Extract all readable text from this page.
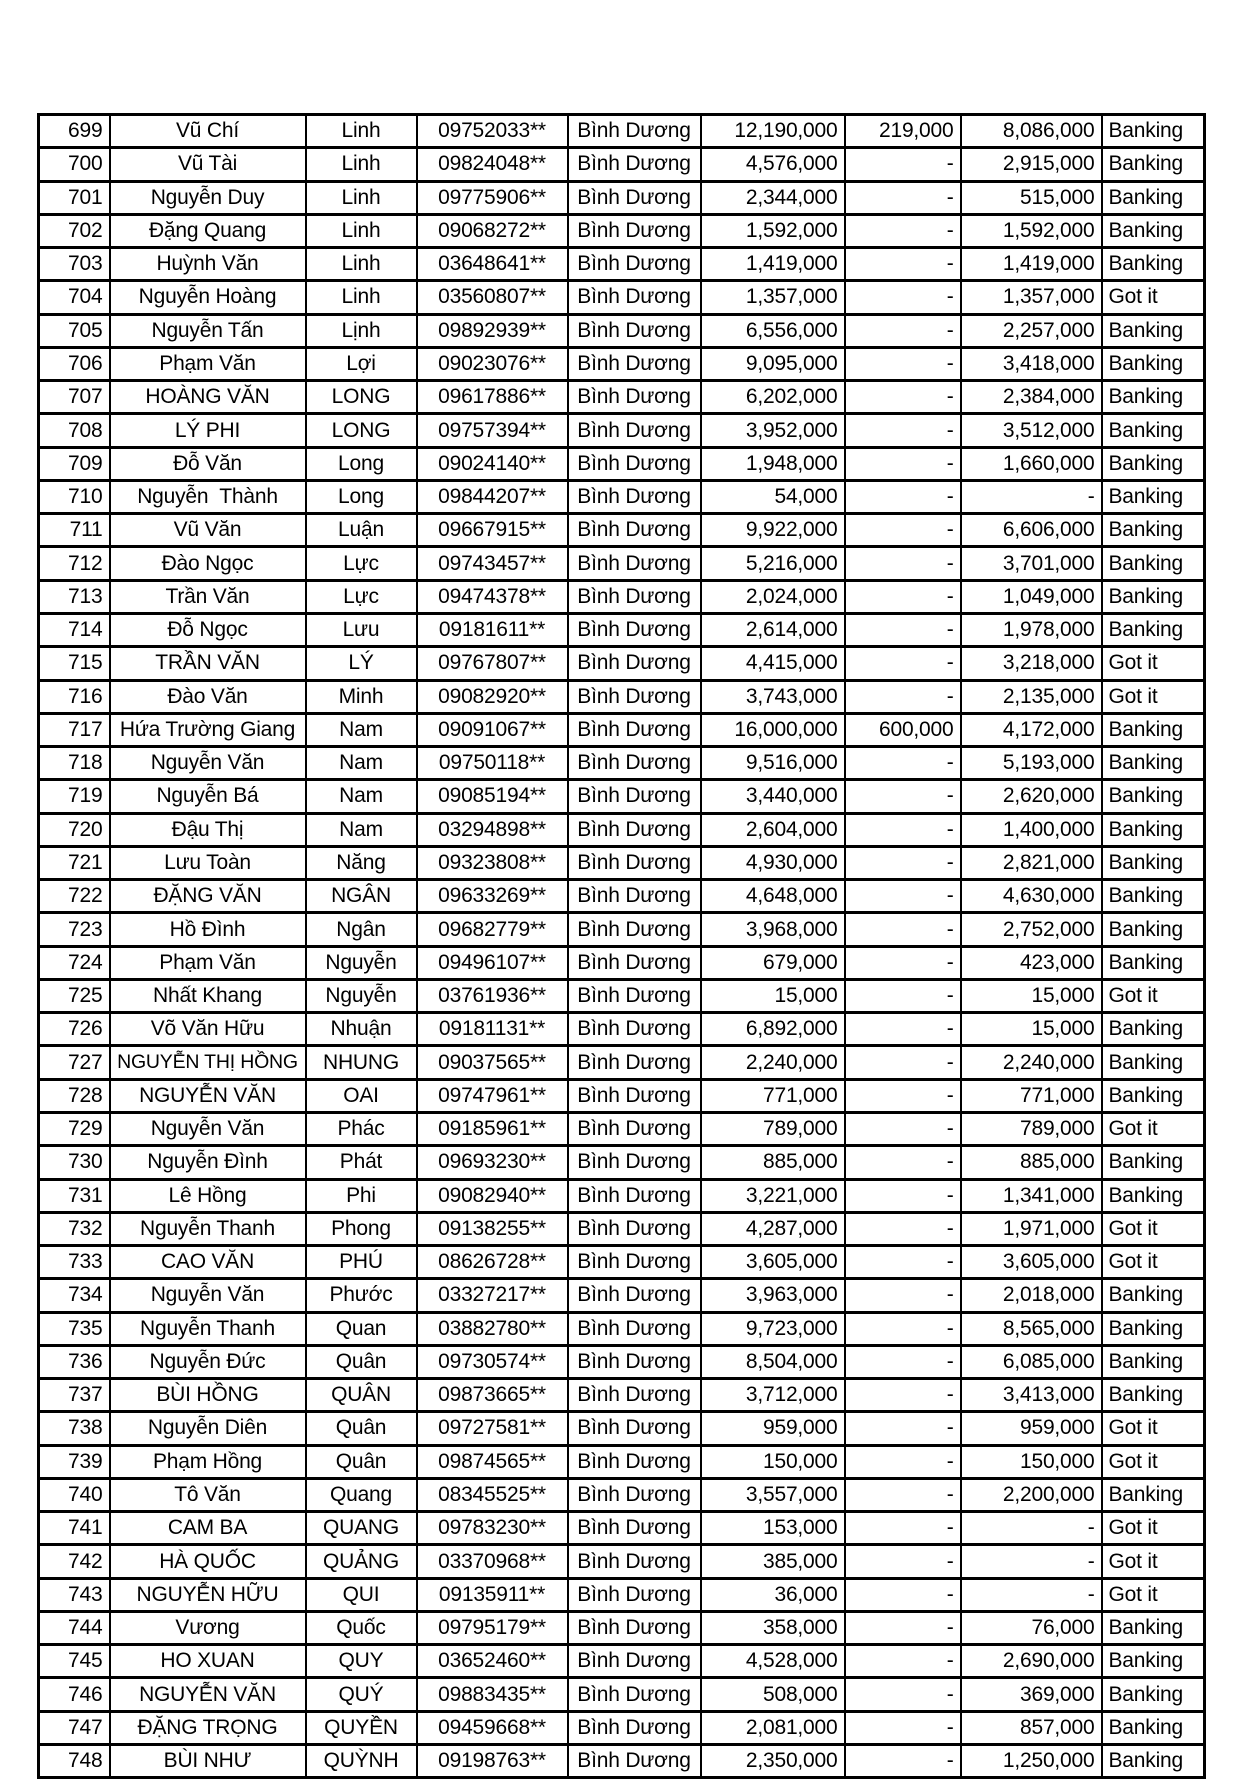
699	Vũ Chí	Linh	09752033**	Bình Dương	12,190,000	219,000	8,086,000	Banking
700	Vũ Tài	Linh	09824048**	Bình Dương	4,576,000	-	2,915,000	Banking
701	Nguyễn Duy	Linh	09775906**	Bình Dương	2,344,000	-	515,000	Banking
702	Đặng Quang	Linh	09068272**	Bình Dương	1,592,000	-	1,592,000	Banking
703	Huỳnh Văn	Linh	03648641**	Bình Dương	1,419,000	-	1,419,000	Banking
704	Nguyễn Hoàng	Linh	03560807**	Bình Dương	1,357,000	-	1,357,000	Got it
705	Nguyễn Tấn	Lịnh	09892939**	Bình Dương	6,556,000	-	2,257,000	Banking
706	Phạm Văn	Lợi	09023076**	Bình Dương	9,095,000	-	3,418,000	Banking
707	HOÀNG VĂN	LONG	09617886**	Bình Dương	6,202,000	-	2,384,000	Banking
708	LÝ PHI	LONG	09757394**	Bình Dương	3,952,000	-	3,512,000	Banking
709	Đỗ Văn	Long	09024140**	Bình Dương	1,948,000	-	1,660,000	Banking
710	Nguyễn  Thành	Long	09844207**	Bình Dương	54,000	-	-	Banking
711	Vũ Văn	Luận	09667915**	Bình Dương	9,922,000	-	6,606,000	Banking
712	Đào Ngọc	Lực	09743457**	Bình Dương	5,216,000	-	3,701,000	Banking
713	Trần Văn	Lực	09474378**	Bình Dương	2,024,000	-	1,049,000	Banking
714	Đỗ Ngọc	Lưu	09181611**	Bình Dương	2,614,000	-	1,978,000	Banking
715	TRẦN VĂN	LÝ	09767807**	Bình Dương	4,415,000	-	3,218,000	Got it
716	Đào Văn	Minh	09082920**	Bình Dương	3,743,000	-	2,135,000	Got it
717	Hứa Trường Giang	Nam	09091067**	Bình Dương	16,000,000	600,000	4,172,000	Banking
718	Nguyễn Văn	Nam	09750118**	Bình Dương	9,516,000	-	5,193,000	Banking
719	Nguyễn Bá	Nam	09085194**	Bình Dương	3,440,000	-	2,620,000	Banking
720	Đậu Thị	Nam	03294898**	Bình Dương	2,604,000	-	1,400,000	Banking
721	Lưu Toàn	Năng	09323808**	Bình Dương	4,930,000	-	2,821,000	Banking
722	ĐẶNG VĂN	NGÂN	09633269**	Bình Dương	4,648,000	-	4,630,000	Banking
723	Hồ Đình	Ngân	09682779**	Bình Dương	3,968,000	-	2,752,000	Banking
724	Phạm Văn	Nguyễn	09496107**	Bình Dương	679,000	-	423,000	Banking
725	Nhất Khang	Nguyễn	03761936**	Bình Dương	15,000	-	15,000	Got it
726	Võ Văn Hữu	Nhuận	09181131**	Bình Dương	6,892,000	-	15,000	Banking
727	NGUYỄN THỊ HỒNG	NHUNG	09037565**	Bình Dương	2,240,000	-	2,240,000	Banking
728	NGUYỄN VĂN	OAI	09747961**	Bình Dương	771,000	-	771,000	Banking
729	Nguyễn Văn	Phác	09185961**	Bình Dương	789,000	-	789,000	Got it
730	Nguyễn Đình	Phát	09693230**	Bình Dương	885,000	-	885,000	Banking
731	Lê Hồng	Phi	09082940**	Bình Dương	3,221,000	-	1,341,000	Banking
732	Nguyễn Thanh	Phong	09138255**	Bình Dương	4,287,000	-	1,971,000	Got it
733	CAO VĂN	PHÚ	08626728**	Bình Dương	3,605,000	-	3,605,000	Got it
734	Nguyễn Văn	Phước	03327217**	Bình Dương	3,963,000	-	2,018,000	Banking
735	Nguyễn Thanh	Quan	03882780**	Bình Dương	9,723,000	-	8,565,000	Banking
736	Nguyễn Đức	Quân	09730574**	Bình Dương	8,504,000	-	6,085,000	Banking
737	BÙI HỒNG	QUÂN	09873665**	Bình Dương	3,712,000	-	3,413,000	Banking
738	Nguyễn Diên	Quân	09727581**	Bình Dương	959,000	-	959,000	Got it
739	Phạm Hồng	Quân	09874565**	Bình Dương	150,000	-	150,000	Got it
740	Tô Văn	Quang	08345525**	Bình Dương	3,557,000	-	2,200,000	Banking
741	CAM BA	QUANG	09783230**	Bình Dương	153,000	-	-	Got it
742	HÀ QUỐC	QUẢNG	03370968**	Bình Dương	385,000	-	-	Got it
743	NGUYỄN HỮU	QUI	09135911**	Bình Dương	36,000	-	-	Got it
744	Vương	Quốc	09795179**	Bình Dương	358,000	-	76,000	Banking
745	HO XUAN	QUY	03652460**	Bình Dương	4,528,000	-	2,690,000	Banking
746	NGUYỄN VĂN	QUÝ	09883435**	Bình Dương	508,000	-	369,000	Banking
747	ĐẶNG TRỌNG	QUYỀN	09459668**	Bình Dương	2,081,000	-	857,000	Banking
748	BÙI NHƯ	QUỲNH	09198763**	Bình Dương	2,350,000	-	1,250,000	Banking
